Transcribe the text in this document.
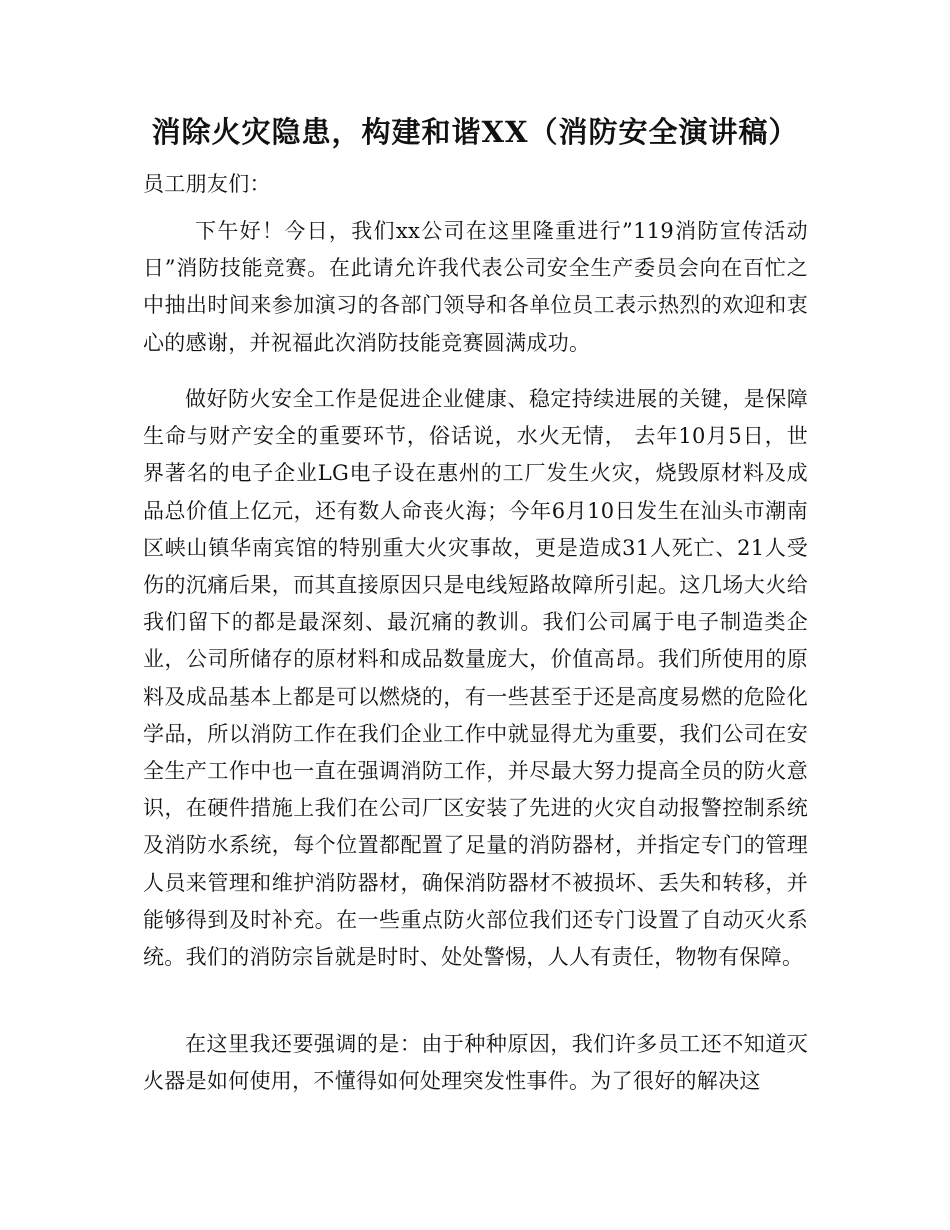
消除火灾隐患，构建和谐XX（消防安全演讲稿）
员工朋友们：
下午好！今日，我们xx公司在这里隆重进行”119消防宣传活动日”消防技能竞赛。在此请允许我代表公司安全生产委员会向在百忙之中抽出时间来参加演习的各部门领导和各单位员工表示热烈的欢迎和衷心的感谢，并祝福此次消防技能竞赛圆满成功。
做好防火安全工作是促进企业健康、稳定持续进展的关键，是保障生命与财产安全的重要环节，俗话说，水火无情， 去年10月5日，世界著名的电子企业LG电子设在惠州的工厂发生火灾，烧毁原材料及成品总价值上亿元，还有数人命丧火海；今年6月10日发生在汕头市潮南区峡山镇华南宾馆的特别重大火灾事故，更是造成31人死亡、21人受伤的沉痛后果，而其直接原因只是电线短路故障所引起。这几场大火给我们留下的都是最深刻、最沉痛的教训。我们公司属于电子制造类企业，公司所储存的原材料和成品数量庞大，价值高昂。我们所使用的原料及成品基本上都是可以燃烧的，有一些甚至于还是高度易燃的危险化学品，所以消防工作在我们企业工作中就显得尤为重要，我们公司在安全生产工作中也一直在强调消防工作，并尽最大努力提高全员的防火意识，在硬件措施上我们在公司厂区安装了先进的火灾自动报警控制系统及消防水系统，每个位置都配置了足量的消防器材，并指定专门的管理人员来管理和维护消防器材，确保消防器材不被损坏、丢失和转移，并能够得到及时补充。在一些重点防火部位我们还专门设置了自动灭火系统。我们的消防宗旨就是时时、处处警惕，人人有责任，物物有保障。
在这里我还要强调的是：由于种种原因，我们许多员工还不知道灭火器是如何使用，不懂得如何处理突发性事件。为了很好的解决这
